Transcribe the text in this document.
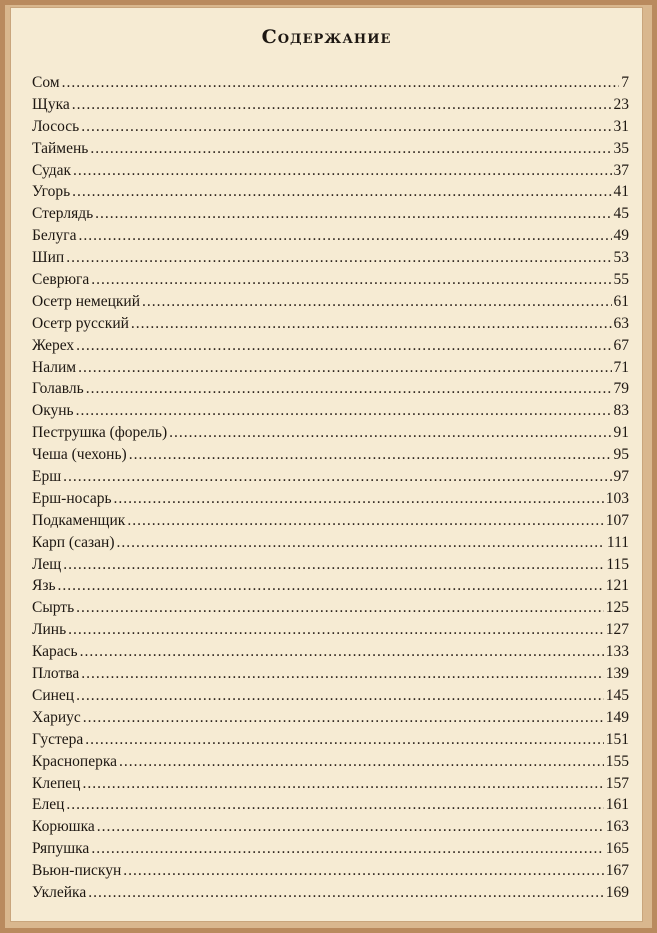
Содержание
Сом .....	7
Щука .....	23
Лосось .....	31
Таймень .....	35
Судак .....	37
Угорь .....	41
Стерлядь .....	45
Белуга .....	49
Шип .....	53
Севрюга .....	55
Осетр немецкий .....	61
Осетр русский .....	63
Жерех .....	67
Налим .....	71
Голавль .....	79
Окунь .....	83
Пеструшка (форель) .....	91
Чеша (чехонь) .....	95
Ерш .....	97
Ерш-носарь .....	103
Подкаменщик .....	107
Карп (сазан) .....	111
Лещ .....	115
Язь .....	121
Сырть .....	125
Линь .....	127
Карась .....	133
Плотва .....	139
Синец .....	145
Хариус .....	149
Густера .....	151
Красноперка .....	155
Клепец .....	157
Елец .....	161
Корюшка .....	163
Ряпушка .....	165
Вьюн-пискун .....	167
Уклейка .....	169
